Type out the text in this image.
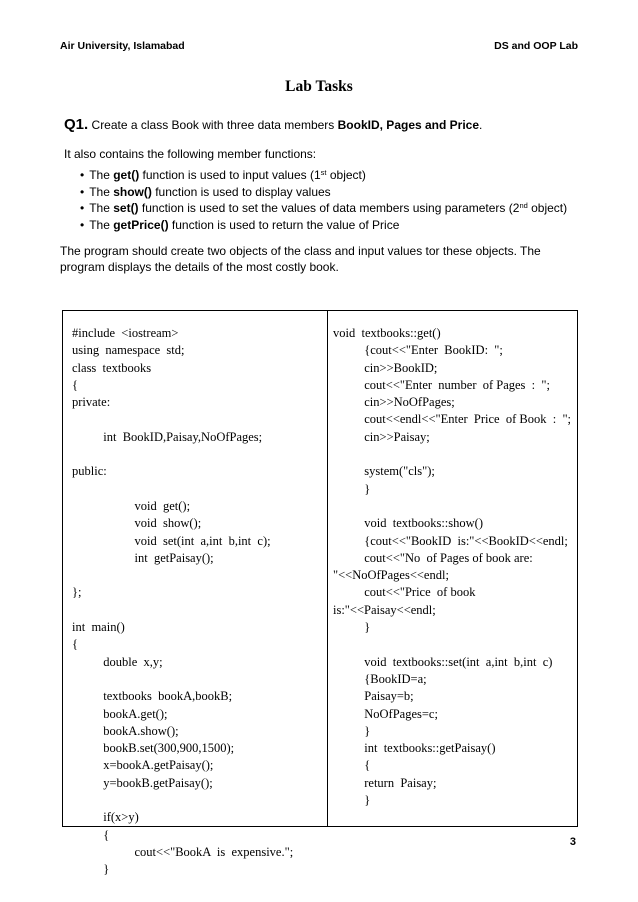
Air University, Islamabad	DS and OOP Lab
Lab Tasks
Q1. Create a class Book with three data members BookID, Pages and Price.
It also contains the following member functions:
• The get() function is used to input values (1st object)
• The show() function is used to display values
• The set() function is used to set the values of data members using parameters (2nd object)
• The getPrice() function is used to return the value of Price
The program should create two objects of the class and input values tor these objects. The
program displays the details of the most costly book.
#include  <iostream>
using  namespace  std;
class  textbooks
{
private:
int  BookID,Paisay,NoOfPages;
public:
void  get();
void  show();
void  set(int  a,int  b,int  c);
int  getPaisay();
};
int  main()
{
double  x,y;
textbooks  bookA,bookB;
bookA.get();
bookA.show();
bookB.set(300,900,1500);
x=bookA.getPaisay();
y=bookB.getPaisay();
if(x>y)
{
cout<<"BookA  is  expensive.";
}
void  textbooks::get()
{cout<<"Enter  BookID:  ";
cin>>BookID;
cout<<"Enter  number  of Pages  :  ";
cin>>NoOfPages;
cout<<endl<<"Enter  Price  of Book  :  ";
cin>>Paisay;
system("cls");
}
void  textbooks::show()
{cout<<"BookID  is:"<<BookID<<endl;
cout<<"No  of Pages of book are:
"<<NoOfPages<<endl;
cout<<"Price  of book
is:"<<Paisay<<endl;
}
void  textbooks::set(int  a,int  b,int  c)
{BookID=a;
Paisay=b;
NoOfPages=c;
}
int  textbooks::getPaisay()
{
return  Paisay;
}
3
